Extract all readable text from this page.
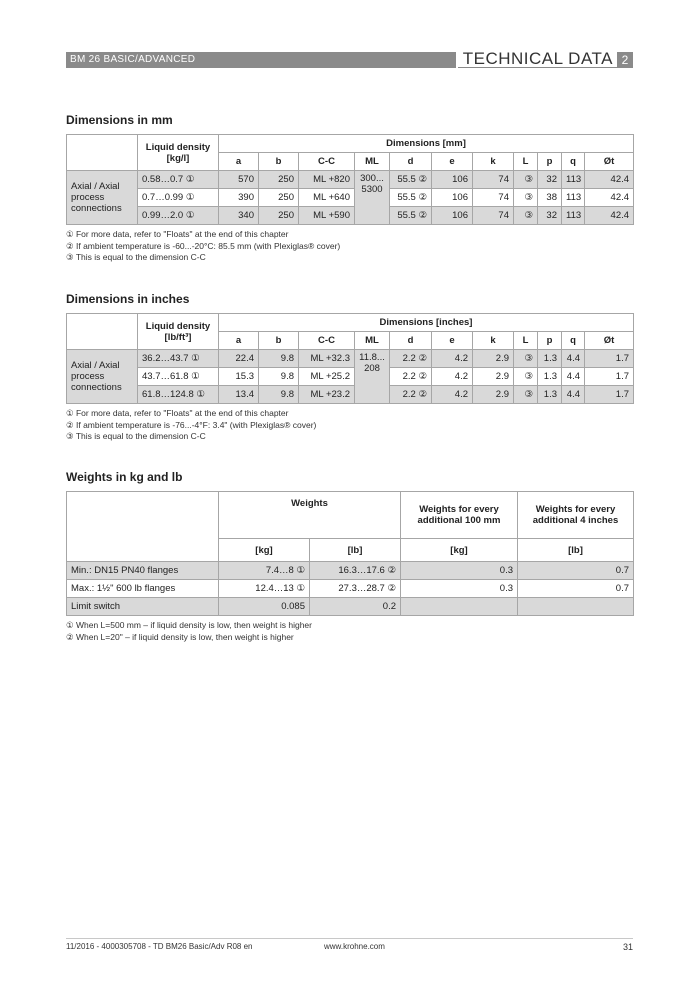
BM 26 BASIC/ADVANCED	TECHNICAL DATA 2
Dimensions in mm
	Liquid density [kg/l]	Dimensions [mm]										
		a	b	C-C	ML	d	e	k	L	p	q	Øt
Axial / Axial process connections	0.58…0.7 ①	570	250	ML +820	300... 5300	55.5 ②	106	74	③	32	113	42.4
	0.7…0.99 ①	390	250	ML +640		55.5 ②	106	74	③	38	113	42.4
	0.99…2.0 ①	340	250	ML +590		55.5 ②	106	74	③	32	113	42.4
① For more data, refer to "Floats" at the end of this chapter
② If ambient temperature is -60...-20°C: 85.5 mm (with Plexiglas® cover)
③ This is equal to the dimension C-C
Dimensions in inches
	Liquid density [lb/ft³]	Dimensions [inches]										
		a	b	C-C	ML	d	e	k	L	p	q	Øt
Axial / Axial process connections	36.2…43.7 ①	22.4	9.8	ML +32.3	11.8... 208	2.2 ②	4.2	2.9	③	1.3	4.4	1.7
	43.7…61.8 ①	15.3	9.8	ML +25.2		2.2 ②	4.2	2.9	③	1.3	4.4	1.7
	61.8…124.8 ①	13.4	9.8	ML +23.2		2.2 ②	4.2	2.9	③	1.3	4.4	1.7
① For more data, refer to "Floats" at the end of this chapter
② If ambient temperature is -76...-4°F: 3.4" (with Plexiglas® cover)
③ This is equal to the dimension C-C
Weights in kg and lb
	Weights		Weights for every additional 100 mm	Weights for every additional 4 inches
	[kg]	[lb]	[kg]	[lb]
Min.: DN15 PN40 flanges	7.4…8 ①	16.3…17.6 ②	0.3	0.7
Max.: 1½" 600 lb flanges	12.4…13 ①	27.3…28.7 ②	0.3	0.7
Limit switch	0.085	0.2		
① When L=500 mm – if liquid density is low, then weight is higher
② When L=20" – if liquid density is low, then weight is higher
11/2016 - 4000305708 - TD BM26 Basic/Adv R08 en	www.krohne.com	31
